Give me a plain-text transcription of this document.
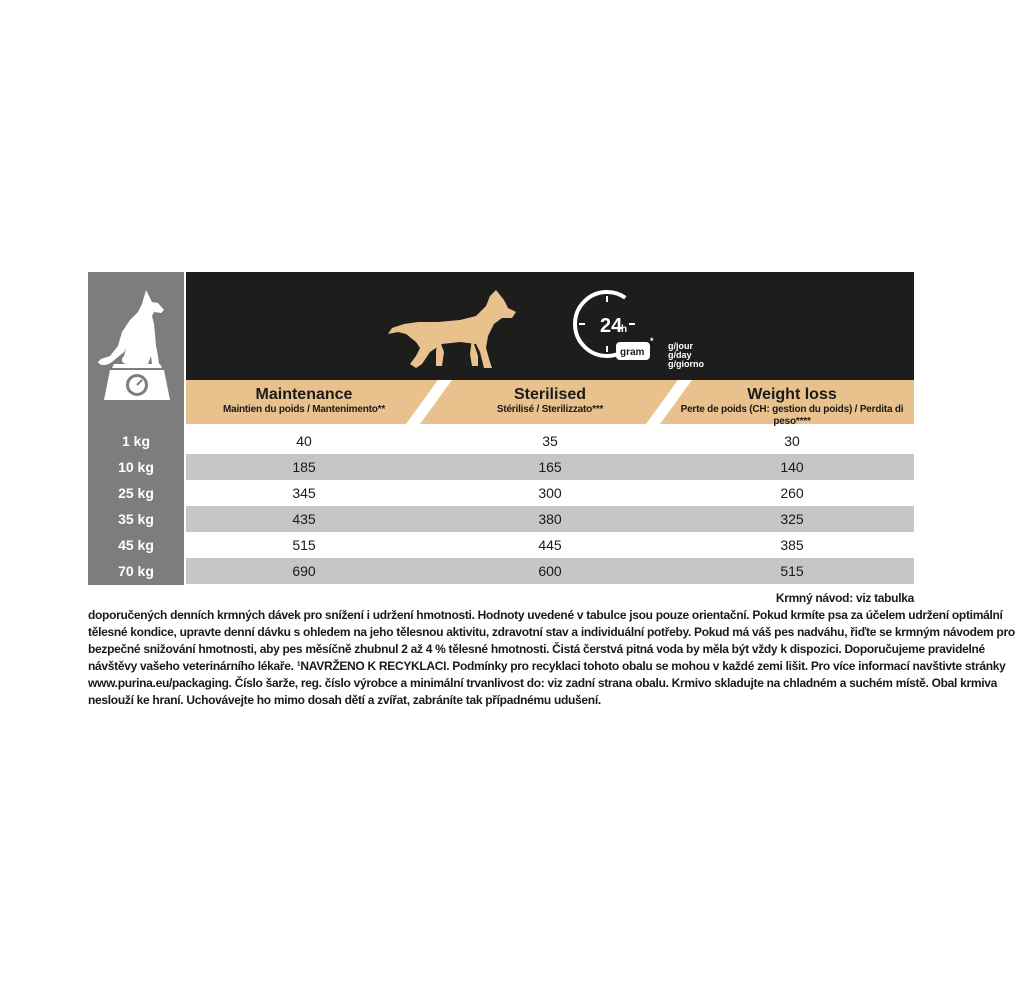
24
h
gram
*
Maintenance
Maintien du poids / Mantenimento**
Sterilised
Stérilisé / Sterilizzato***
Weight loss
Perte de poids (CH: gestion du poids) / Perdita di peso****
1 kg	40	35	30
10 kg	185	165	140
25 kg	345	300	260
35 kg	435	380	325
45 kg	515	445	385
70 kg	690	600	515
g/jour
g/day
g/giorno
Krmný návod: viz tabulka
doporučených denních krmných dávek pro snížení i udržení hmotnosti. Hodnoty uvedené v tabulce jsou pouze orientační. Pokud krmíte psa za účelem udržení optimální
tělesné kondice, upravte denní dávku s ohledem na jeho tělesnou aktivitu, zdravotní stav a individuální potřeby. Pokud má váš pes nadváhu, řiďte se krmným návodem pro
bezpečné snižování hmotnosti, aby pes měsíčně zhubnul 2 až 4 % tělesné hmotnosti. Čistá čerstvá pitná voda by měla být vždy k dispozici. Doporučujeme pravidelné
návštěvy vašeho veterinárního lékaře. ¹NAVRŽENO K RECYKLACI. Podmínky pro recyklaci tohoto obalu se mohou v každé zemi lišit. Pro více informací navštivte stránky
www.purina.eu/packaging. Číslo šarže, reg. číslo výrobce a minimální trvanlivost do: viz zadní strana obalu. Krmivo skladujte na chladném a suchém místě. Obal krmiva
neslouží ke hraní. Uchovávejte ho mimo dosah dětí a zvířat, zabráníte tak případnému udušení.
